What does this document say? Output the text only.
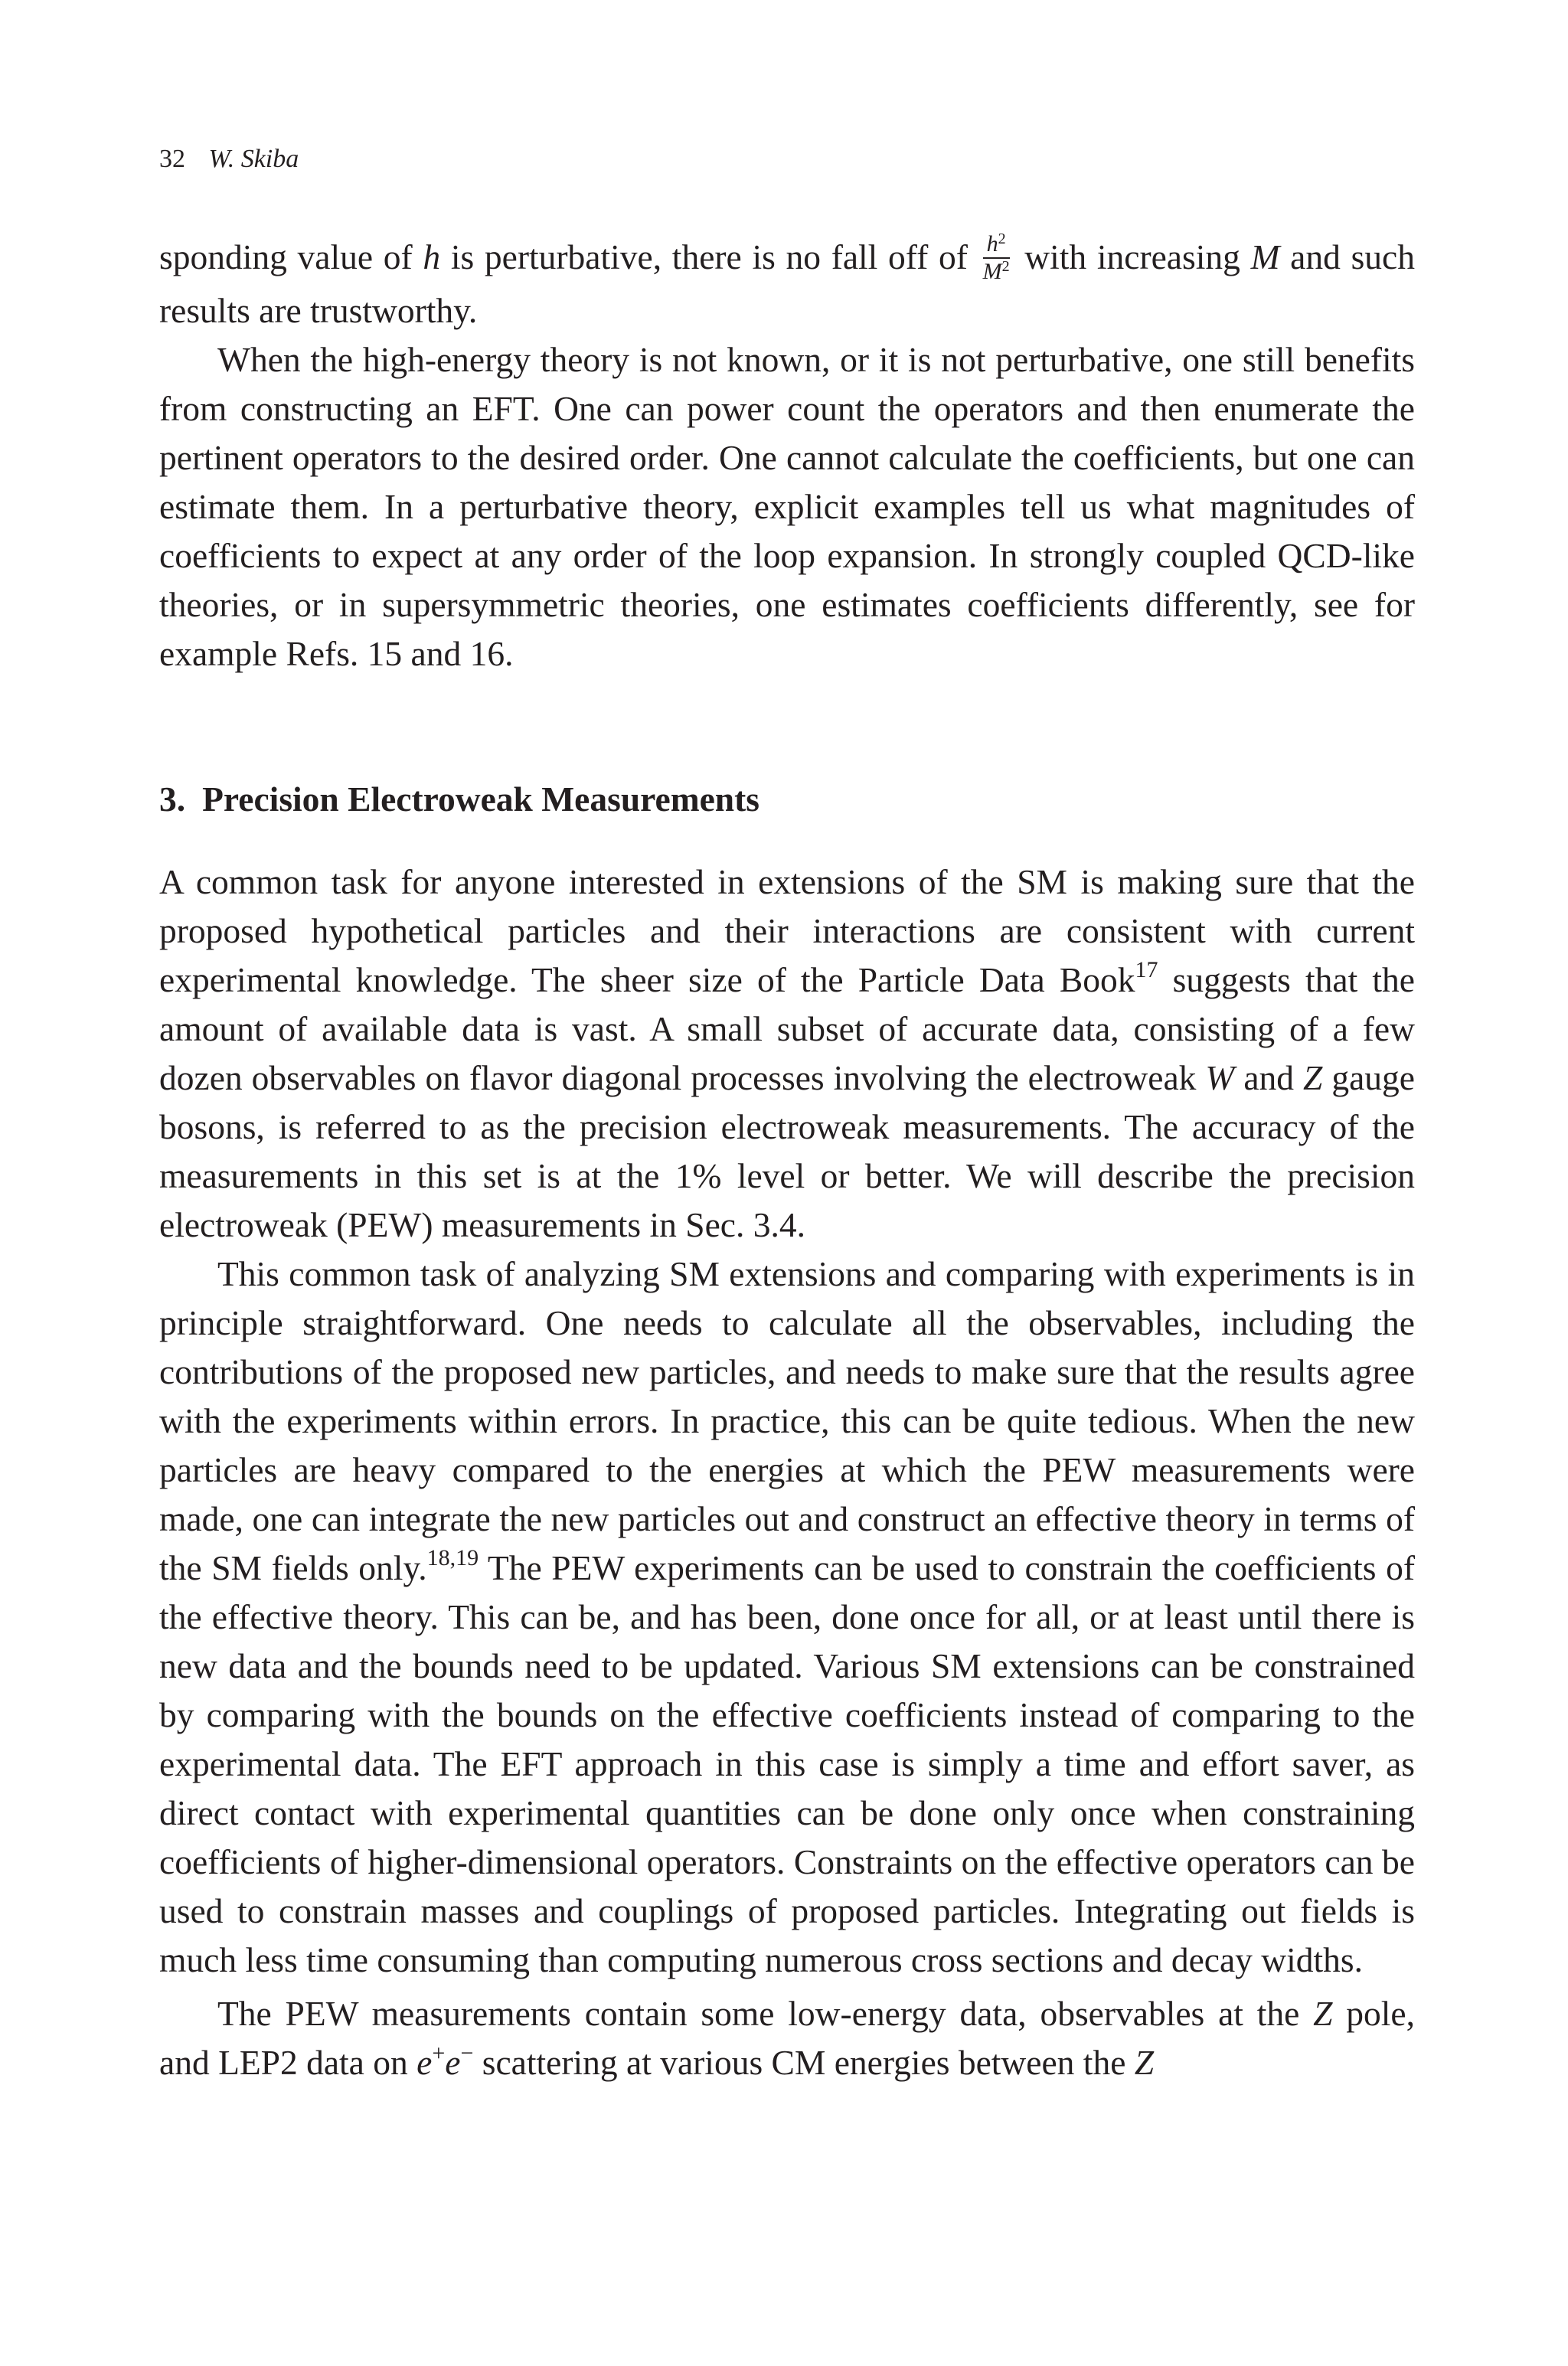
32 W. Skiba

sponding value of h is perturbative, there is no fall off of $\frac{h^2}{M^2}$ with increasing M and such results are trustworthy.

When the high-energy theory is not known, or it is not perturbative, one still benefits from constructing an EFT. One can power count the operators and then enumerate the pertinent operators to the desired order. One cannot calculate the coefficients, but one can estimate them. In a perturbative theory, explicit examples tell us what magnitudes of coefficients to expect at any order of the loop expansion. In strongly coupled QCD-like theories, or in supersymmetric theories, one estimates coefficients differently, see for example Refs. 15 and 16.

3. Precision Electroweak Measurements

A common task for anyone interested in extensions of the SM is making sure that the proposed hypothetical particles and their interactions are consistent with current experimental knowledge. The sheer size of the Particle Data Book$^{17}$ suggests that the amount of available data is vast. A small subset of accurate data, consisting of a few dozen observables on flavor diagonal processes involving the electroweak W and Z gauge bosons, is referred to as the precision electroweak measurements. The accuracy of the measurements in this set is at the 1% level or better. We will describe the precision electroweak (PEW) measurements in Sec. 3.4.

This common task of analyzing SM extensions and comparing with experiments is in principle straightforward. One needs to calculate all the observables, including the contributions of the proposed new particles, and needs to make sure that the results agree with the experiments within errors. In practice, this can be quite tedious. When the new particles are heavy compared to the energies at which the PEW measurements were made, one can integrate the new particles out and construct an effective theory in terms of the SM fields only.$^{18,19}$ The PEW experiments can be used to constrain the coefficients of the effective theory. This can be, and has been, done once for all, or at least until there is new data and the bounds need to be updated. Various SM extensions can be constrained by comparing with the bounds on the effective coefficients instead of comparing to the experimental data. The EFT approach in this case is simply a time and effort saver, as direct contact with experimental quantities can be done only once when constraining coefficients of higher-dimensional operators. Constraints on the effective operators can be used to constrain masses and couplings of proposed particles. Integrating out fields is much less time consuming than computing numerous cross sections and decay widths.

The PEW measurements contain some low-energy data, observables at the Z pole, and LEP2 data on e+e− scattering at various CM energies between the Z
